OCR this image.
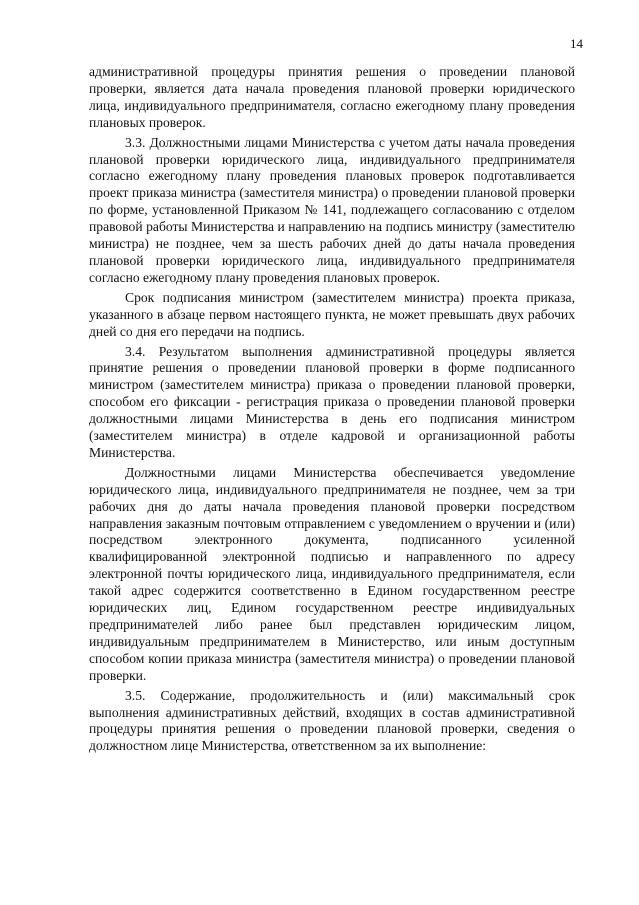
14

административной процедуры принятия решения о проведении плановой проверки, является дата начала проведения плановой проверки юридического лица, индивидуального предпринимателя, согласно ежегодному плану проведения плановых проверок.

3.3. Должностными лицами Министерства с учетом даты начала проведения плановой проверки юридического лица, индивидуального предпринимателя согласно ежегодному плану проведения плановых проверок подготавливается проект приказа министра (заместителя министра) о проведении плановой проверки по форме, установленной Приказом № 141, подлежащего согласованию с отделом правовой работы Министерства и направлению на подпись министру (заместителю министра) не позднее, чем за шесть рабочих дней до даты начала проведения плановой проверки юридического лица, индивидуального предпринимателя согласно ежегодному плану проведения плановых проверок.

Срок подписания министром (заместителем министра) проекта приказа, указанного в абзаце первом настоящего пункта, не может превышать двух рабочих дней со дня его передачи на подпись.

3.4. Результатом выполнения административной процедуры является принятие решения о проведении плановой проверки в форме подписанного министром (заместителем министра) приказа о проведении плановой проверки, способом его фиксации - регистрация приказа о проведении плановой проверки должностными лицами Министерства в день его подписания министром (заместителем министра) в отделе кадровой и организационной работы Министерства.

Должностными лицами Министерства обеспечивается уведомление юридического лица, индивидуального предпринимателя не позднее, чем за три рабочих дня до даты начала проведения плановой проверки посредством направления заказным почтовым отправлением с уведомлением о вручении и (или) посредством электронного документа, подписанного усиленной квалифицированной электронной подписью и направленного по адресу электронной почты юридического лица, индивидуального предпринимателя, если такой адрес содержится соответственно в Едином государственном реестре юридических лиц, Едином государственном реестре индивидуальных предпринимателей либо ранее был представлен юридическим лицом, индивидуальным предпринимателем в Министерство, или иным доступным способом копии приказа министра (заместителя министра) о проведении плановой проверки.

3.5. Содержание, продолжительность и (или) максимальный срок выполнения административных действий, входящих в состав административной процедуры принятия решения о проведении плановой проверки, сведения о должностном лице Министерства, ответственном за их выполнение:
